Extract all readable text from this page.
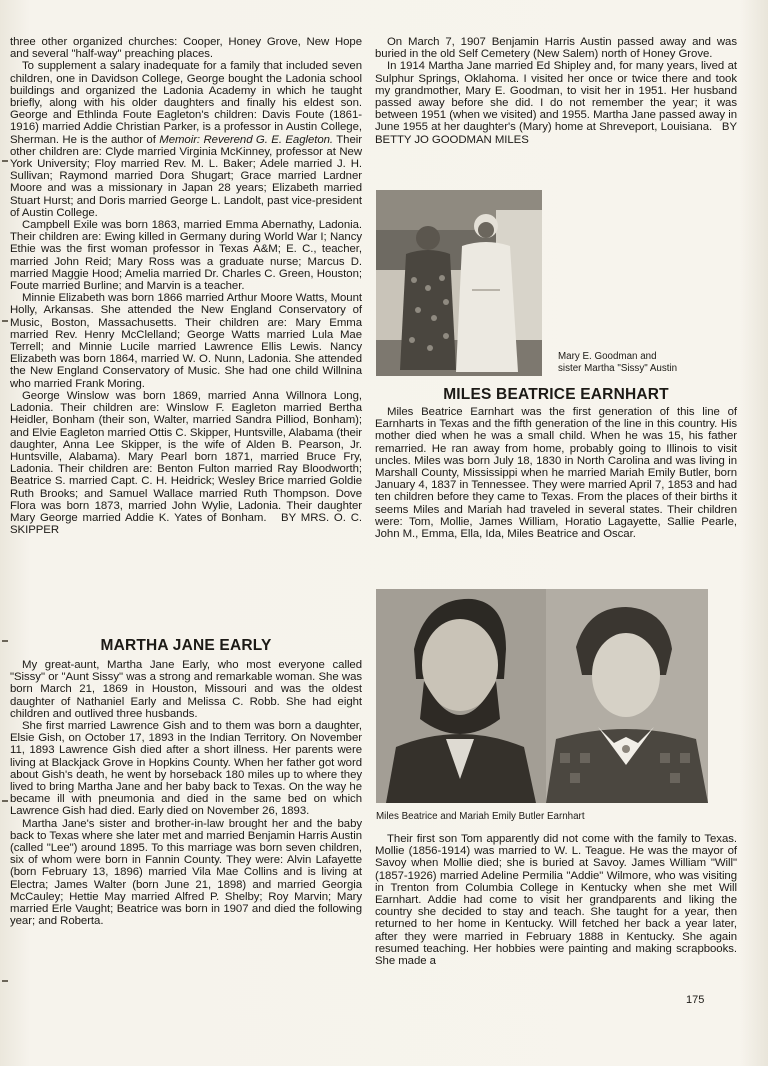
three other organized churches: Cooper, Honey Grove, New Hope and several "half-way" preaching places.

To supplement a salary inadequate for a family that included seven children, one in Davidson College, George bought the Ladonia school buildings and organized the Ladonia Academy in which he taught briefly, along with his older daughters and finally his eldest son. George and Ethlinda Foute Eagleton's children: Davis Foute (1861-1916) married Addie Christian Parker, is a professor in Austin College, Sherman. He is the author of Memoir: Reverend G. E. Eagleton. Their other children are: Clyde married Virginia McKinney, professor at New York University; Floy married Rev. M. L. Baker; Adele married J. H. Sullivan; Raymond married Dora Shugart; Grace married Lardner Moore and was a missionary in Japan 28 years; Elizabeth married Stuart Hurst; and Doris married George L. Landolt, past vice-president of Austin College.

Campbell Exile was born 1863, married Emma Abernathy, Ladonia. Their children are: Ewing killed in Germany during World War I; Nancy Ethie was the first woman professor in Texas A&M; E. C., teacher, married John Reid; Mary Ross was a graduate nurse; Marcus D. married Maggie Hood; Amelia married Dr. Charles C. Green, Houston; Foute married Burline; and Marvin is a teacher.

Minnie Elizabeth was born 1866 married Arthur Moore Watts, Mount Holly, Arkansas. She attended the New England Conservatory of Music, Boston, Massachusetts. Their children are: Mary Emma married Rev. Henry McClelland; George Watts married Lula Mae Terrell; and Minnie Lucile married Lawrence Ellis Lewis. Nancy Elizabeth was born 1864, married W. O. Nunn, Ladonia. She attended the New England Conservatory of Music. She had one child Willnina who married Frank Moring.

George Winslow was born 1869, married Anna Willnora Long, Ladonia. Their children are: Winslow F. Eagleton married Bertha Heidler, Bonham (their son, Walter, married Sandra Pilliod, Bonham); and Elvie Eagleton married Ottis C. Skipper, Huntsville, Alabama (their daughter, Anna Lee Skipper, is the wife of Alden B. Pearson, Jr. Huntsville, Alabama). Mary Pearl born 1871, married Bruce Fry, Ladonia. Their children are: Benton Fulton married Ray Bloodworth; Beatrice S. married Capt. C. H. Heidrick; Wesley Brice married Goldie Ruth Brooks; and Samuel Wallace married Ruth Thompson. Dove Flora was born 1873, married John Wylie, Ladonia. Their daughter Mary George married Addie K. Yates of Bonham. BY MRS. O. C. SKIPPER

MARTHA JANE EARLY

My great-aunt, Martha Jane Early, who most everyone called "Sissy" or "Aunt Sissy" was a strong and remarkable woman. She was born March 21, 1869 in Houston, Missouri and was the oldest daughter of Nathaniel Early and Melissa C. Robb. She had eight children and outlived three husbands.

She first married Lawrence Gish and to them was born a daughter, Elsie Gish, on October 17, 1893 in the Indian Territory. On November 11, 1893 Lawrence Gish died after a short illness. Her parents were living at Blackjack Grove in Hopkins County. When her father got word about Gish's death, he went by horseback 180 miles up to where they lived to bring Martha Jane and her baby back to Texas. On the way he became ill with pneumonia and died in the same bed on which Lawrence Gish had died. Early died on November 26, 1893.

Martha Jane's sister and brother-in-law brought her and the baby back to Texas where she later met and married Benjamin Harris Austin (called "Lee") around 1895. To this marriage was born seven children, six of whom were born in Fannin County. They were: Alvin Lafayette (born February 13, 1896) married Vila Mae Collins and is living at Electra; James Walter (born June 21, 1898) and married Georgia McCauley; Hettie May married Alfred P. Shelby; Roy Marvin; Mary married Erle Vaught; Beatrice was born in 1907 and died the following year; and Roberta.

On March 7, 1907 Benjamin Harris Austin passed away and was buried in the old Self Cemetery (New Salem) north of Honey Grove.

In 1914 Martha Jane married Ed Shipley and, for many years, lived at Sulphur Springs, Oklahoma. I visited her once or twice there and took my grandmother, Mary E. Goodman, to visit her in 1951. Her husband passed away before she did. I do not remember the year; it was between 1951 (when we visited) and 1955. Martha Jane passed away in June 1955 at her daughter's (Mary) home at Shreveport, Louisiana. BY BETTY JO GOODMAN MILES

Mary E. Goodman and
sister Martha "Sissy" Austin
MILES BEATRICE EARNHART

Miles Beatrice Earnhart was the first generation of this line of Earnharts in Texas and the fifth generation of the line in this country. His mother died when he was a small child. When he was 15, his father remarried. He ran away from home, probably going to Illinois to visit uncles. Miles was born July 18, 1830 in North Carolina and was living in Marshall County, Mississippi when he married Mariah Emily Butler, born January 4, 1837 in Tennessee. They were married April 7, 1853 and had ten children before they came to Texas. From the places of their births it seems Miles and Mariah had traveled in several states. Their children were: Tom, Mollie, James William, Horatio Lagayette, Sallie Pearle, John M., Emma, Ella, Ida, Miles Beatrice and Oscar.

Miles Beatrice and Mariah Emily Butler Earnhart

Their first son Tom apparently did not come with the family to Texas. Mollie (1856-1914) was married to W. L. Teague. He was the mayor of Savoy when Mollie died; she is buried at Savoy. James William "Will" (1857-1926) married Adeline Permilia "Addie" Wilmore, who was visiting in Trenton from Columbia College in Kentucky when she met Will Earnhart. Addie had come to visit her grandparents and liking the country she decided to stay and teach. She taught for a year, then returned to her home in Kentucky. Will fetched her back a year later, after they were married in February 1888 in Kentucky. She again resumed teaching. Her hobbies were painting and making scrapbooks. She made a

175
